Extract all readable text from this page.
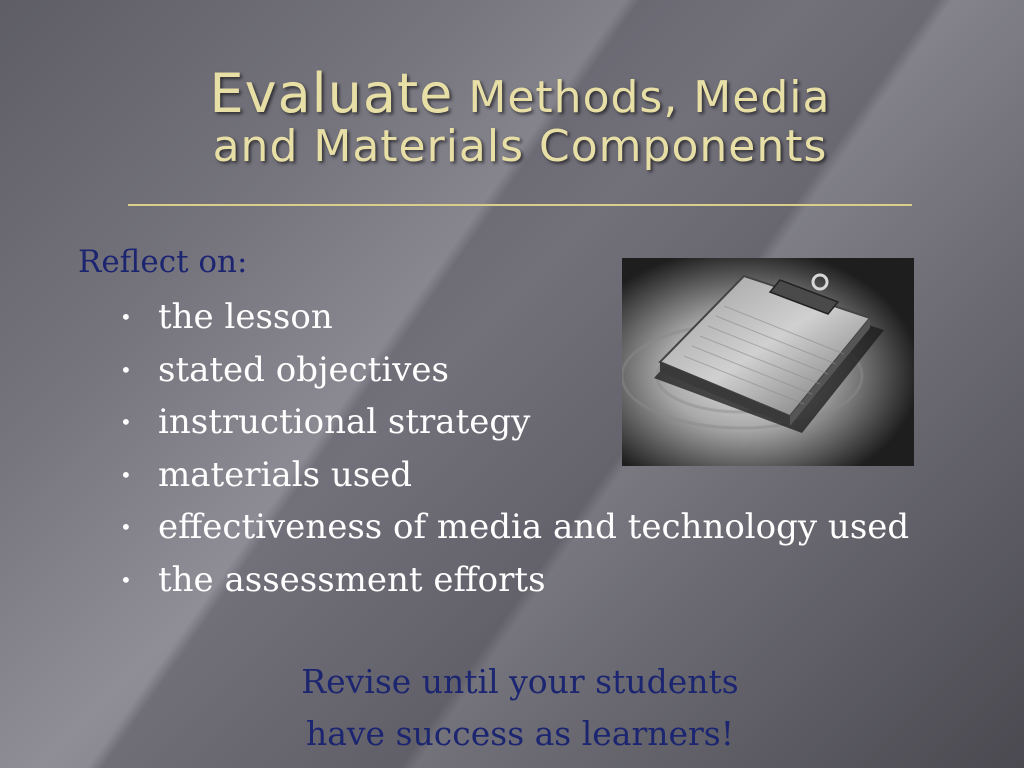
Evaluate Methods, Media
and Materials Components
Reflect on:
• the lesson
• stated objectives
• instructional strategy
• materials used
• effectiveness of media and technology used
• the assessment efforts
Revise until your students
have success as learners!
